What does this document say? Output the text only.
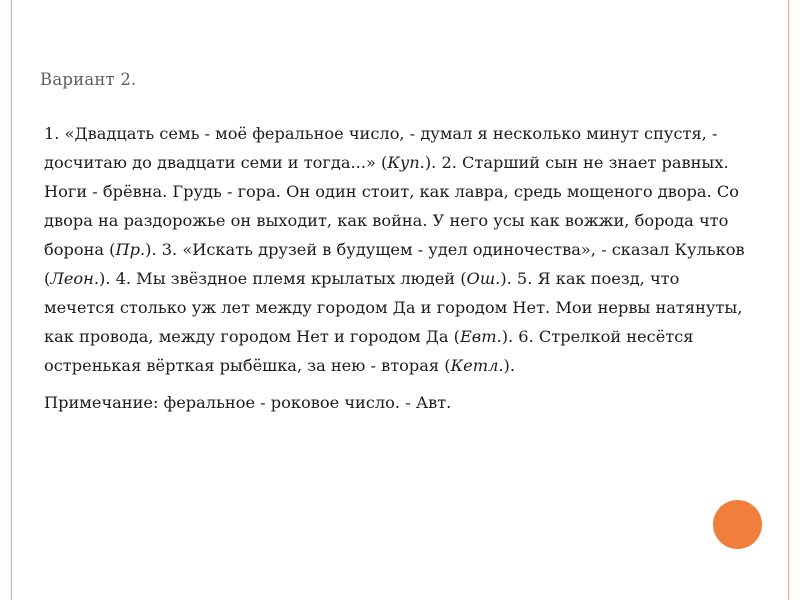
Вариант 2.

1. «Двадцать семь - моё феральное число, - думал я несколько минут спустя, - досчитаю до двадцати семи и тогда...» (Куп.). 2. Старший сын не знает равных. Ноги - брёвна. Грудь - гора. Он один стоит, как лавра, средь мощеного двора. Со двора на раздорожье он выходит, как война. У него усы как вожжи, борода что борона (Пр.). 3. «Искать друзей в будущем - удел одиночества», - сказал Кульков (Леон.). 4. Мы звёздное племя крылатых людей (Ош.). 5. Я как поезд, что мечется столько уж лет между городом Да и городом Нет. Мои нервы натянуты, как провода, между городом Нет и городом Да (Евт.). 6. Стрелкой несётся остренькая вёрткая рыбёшка, за нею - вторая (Кетл.).

Примечание: феральное - роковое число. - Авт.
